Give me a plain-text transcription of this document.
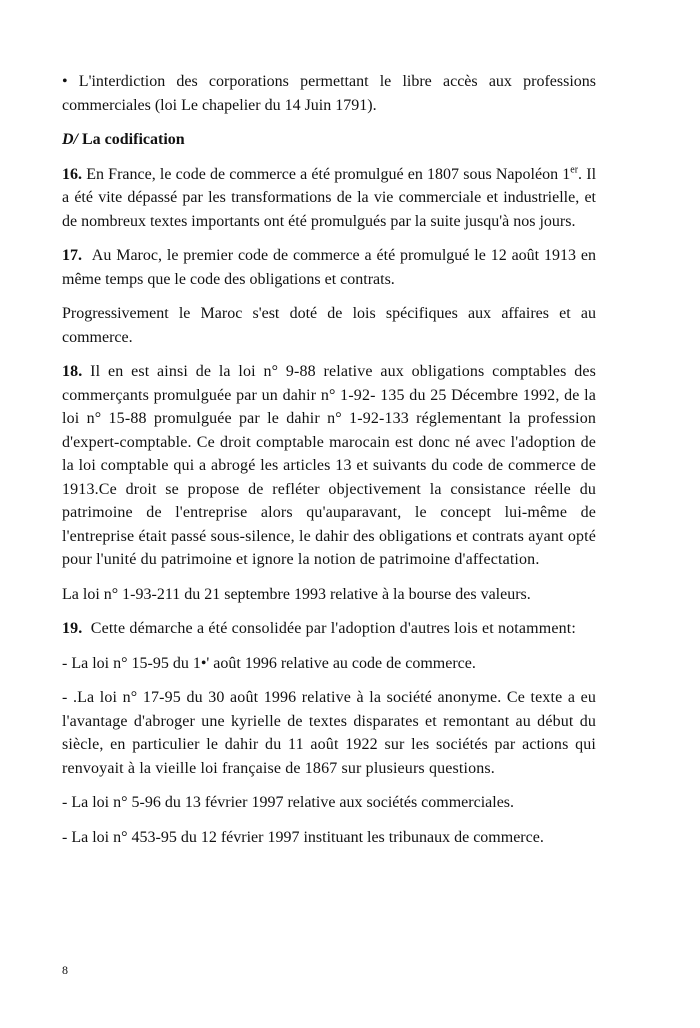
• L'interdiction des corporations permettant le libre accès aux professions commerciales (loi Le chapelier du 14 Juin 1791).

D/ La codification

16. En France, le code de commerce a été promulgué en 1807 sous Napoléon 1er. Il a été vite dépassé par les transformations de la vie commerciale et industrielle, et de nombreux textes importants ont été promulgués par la suite jusqu'à nos jours.

17. Au Maroc, le premier code de commerce a été promulgué le 12 août 1913 en même temps que le code des obligations et contrats.

Progressivement le Maroc s'est doté de lois spécifiques aux affaires et au commerce.

18. Il en est ainsi de la loi n° 9-88 relative aux obligations comptables des commerçants promulguée par un dahir n° 1-92- 135 du 25 Décembre 1992, de la loi n° 15-88 promulguée par le dahir n° 1-92-133 réglementant la profession d'expert-comptable. Ce droit comptable marocain est donc né avec l'adoption de la loi comptable qui a abrogé les articles 13 et suivants du code de commerce de 1913.Ce droit se propose de refléter objectivement la consistance réelle du patrimoine de l'entreprise alors qu'auparavant, le concept lui-même de l'entreprise était passé sous-silence, le dahir des obligations et contrats ayant opté pour l'unité du patrimoine et ignore la notion de patrimoine d'affectation.

La loi n° 1-93-211 du 21 septembre 1993 relative à la bourse des valeurs.

19. Cette démarche a été consolidée par l'adoption d'autres lois et notamment:

- La loi n° 15-95 du 1•' août 1996 relative au code de commerce.

- .La loi n° 17-95 du 30 août 1996 relative à la société anonyme. Ce texte a eu l'avantage d'abroger une kyrielle de textes disparates et remontant au début du siècle, en particulier le dahir du 11 août 1922 sur les sociétés par actions qui renvoyait à la vieille loi française de 1867 sur plusieurs questions.

- La loi n° 5-96 du 13 février 1997 relative aux sociétés commerciales.

- La loi n° 453-95 du 12 février 1997 instituant les tribunaux de commerce.

8
